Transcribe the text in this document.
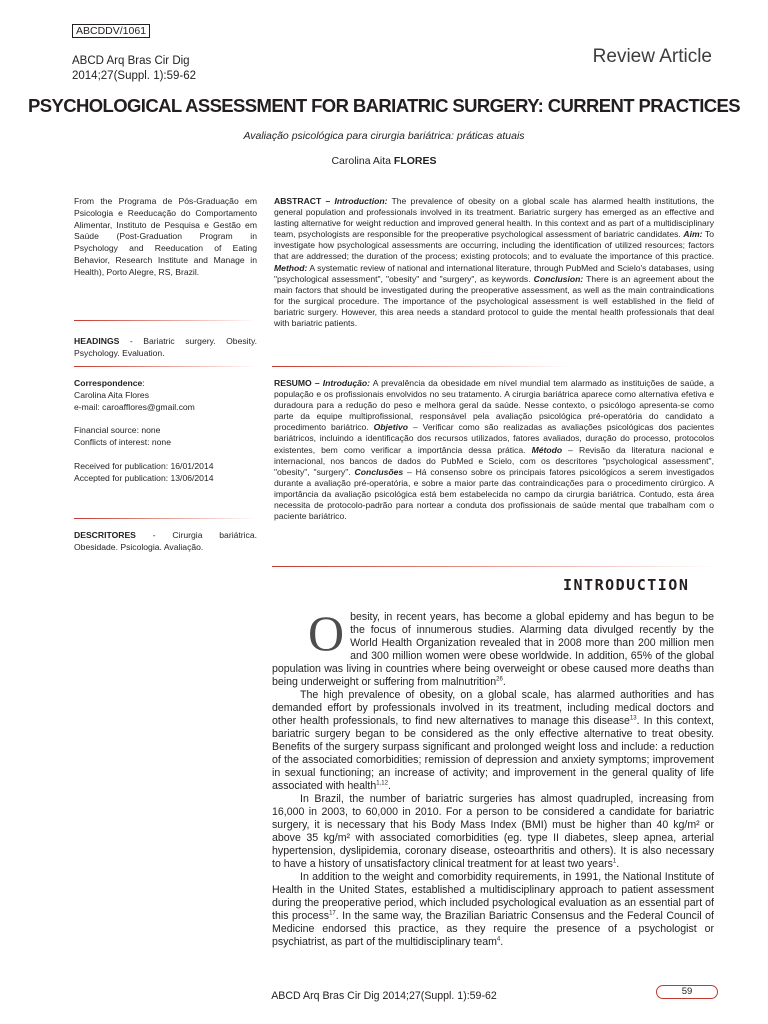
ABCDDV/1061
ABCD Arq Bras Cir Dig
2014;27(Suppl. 1):59-62
Review Article
PSYCHOLOGICAL ASSESSMENT FOR BARIATRIC SURGERY: CURRENT PRACTICES
Avaliação psicológica para cirurgia bariátrica: práticas atuais
Carolina Aita FLORES
From the Programa de Pós-Graduação em Psicologia e Reeducação do Comportamento Alimentar, Instituto de Pesquisa e Gestão em Saúde (Post-Graduation Program in Psychology and Reeducation of Eating Behavior, Research Institute and Manage in Health), Porto Alegre, RS, Brazil.
HEADINGS - Bariatric surgery. Obesity. Psychology. Evaluation.
Correspondence:
Carolina Aita Flores
e-mail: caroafflores@gmail.com
Financial source: none
Conflicts of interest: none
Received for publication: 16/01/2014
Accepted for publication: 13/06/2014
DESCRITORES - Cirurgia bariátrica. Obesidade. Psicologia. Avaliação.
ABSTRACT – Introduction: The prevalence of obesity on a global scale has alarmed health institutions, the general population and professionals involved in its treatment. Bariatric surgery has emerged as an effective and lasting alternative for weight reduction and improved general health. In this context and as part of a multidisciplinary team, psychologists are responsible for the preoperative psychological assessment of bariatric candidates. Aim: To investigate how psychological assessments are occurring, including the identification of utilized resources; factors that are addressed; the duration of the process; existing protocols; and to evaluate the importance of this practice. Method: A systematic review of national and international literature, through PubMed and Scielo's databases, using "psychological assessment", "obesity" and "surgery", as keywords. Conclusion: There is an agreement about the main factors that should be investigated during the preoperative assessment, as well as the main contraindications for the surgical procedure. The importance of the psychological assessment is well established in the field of bariatric surgery. However, this area needs a standard protocol to guide the mental health professionals that deal with bariatric patients.
RESUMO – Introdução: A prevalência da obesidade em nível mundial tem alarmado as instituições de saúde, a população e os profissionais envolvidos no seu tratamento. A cirurgia bariátrica aparece como alternativa efetiva e duradoura para a redução do peso e melhora geral da saúde. Nesse contexto, o psicólogo apresenta-se como parte da equipe multiprofissional, responsável pela avaliação psicológica pré-operatória do candidato a procedimento bariátrico. Objetivo – Verificar como são realizadas as avaliações psicológicas dos pacientes bariátricos, incluindo a identificação dos recursos utilizados, fatores avaliados, duração do processo, protocolos existentes, bem como verificar a importância dessa prática. Método – Revisão da literatura nacional e internacional, nos bancos de dados do PubMed e Scielo, com os descritores "psychological assessment", "obesity", "surgery". Conclusões – Há consenso sobre os principais fatores psicológicos a serem investigados durante a avaliação pré-operatória, e sobre a maior parte das contraindicações para o procedimento cirúrgico. A importância da avaliação psicológica está bem estabelecida no campo da cirurgia bariátrica. Contudo, esta área necessita de protocolo-padrão para nortear a conduta dos profissionais de saúde mental que trabalham com o paciente bariátrico.
INTRODUCTION

Obesity, in recent years, has become a global epidemy and has begun to be the focus of innumerous studies. Alarming data divulged recently by the World Health Organization revealed that in 2008 more than 200 million men and 300 million women were obese worldwide. In addition, 65% of the global population was living in countries where being overweight or obese caused more deaths than being underweight or suffering from malnutrition$^{26}$.

The high prevalence of obesity, on a global scale, has alarmed authorities and has demanded effort by professionals involved in its treatment, including medical doctors and other health professionals, to find new alternatives to manage this disease$^{13}$. In this context, bariatric surgery began to be considered as the only effective alternative to treat obesity. Benefits of the surgery surpass significant and prolonged weight loss and include: a reduction of the associated comorbidities; remission of depression and anxiety symptoms; improvement in sexual functioning; an increase of activity; and improvement in the general quality of life associated with health$^{1,12}$.

In Brazil, the number of bariatric surgeries has almost quadrupled, increasing from 16,000 in 2003, to 60,000 in 2010. For a person to be considered a candidate for bariatric surgery, it is necessary that his Body Mass Index (BMI) must be higher than 40 kg/m² or above 35 kg/m² with associated comorbidities (eg. type II diabetes, sleep apnea, arterial hypertension, dyslipidemia, coronary disease, osteoarthritis and others). It is also necessary to have a history of unsatisfactory clinical treatment for at least two years$^1$.

In addition to the weight and comorbidity requirements, in 1991, the National Institute of Health in the United States, established a multidisciplinary approach to patient assessment during the preoperative period, which included psychological evaluation as an essential part of this process$^{17}$. In the same way, the Brazilian Bariatric Consensus and the Federal Council of Medicine endorsed this practice, as they require the presence of a psychologist or psychiatrist, as part of the multidisciplinary team$^4$.

ABCD Arq Bras Cir Dig 2014;27(Suppl. 1):59-62	59
